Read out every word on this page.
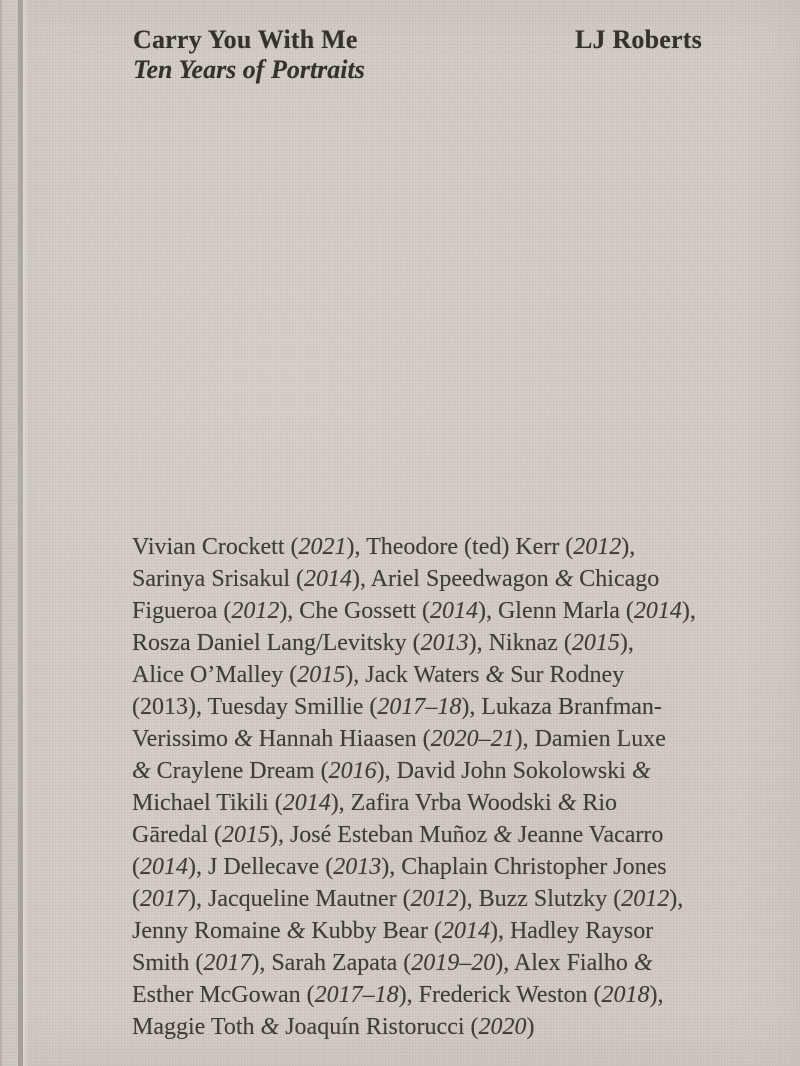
Carry You With Me
Ten Years of Portraits
LJ Roberts
Vivian Crockett (2021), Theodore (ted) Kerr (2012),
Sarinya Srisakul (2014), Ariel Speedwagon & Chicago
Figueroa (2012), Che Gossett (2014), Glenn Marla (2014),
Rosza Daniel Lang/Levitsky (2013), Niknaz (2015),
Alice O’Malley (2015), Jack Waters & Sur Rodney
(2013), Tuesday Smillie (2017–18), Lukaza Branfman-
Verissimo & Hannah Hiaasen (2020–21), Damien Luxe
& Craylene Dream (2016), David John Sokolowski &
Michael Tikili (2014), Zafira Vrba Woodski & Rio
Gāredal (2015), José Esteban Muñoz & Jeanne Vacarro
(2014), J Dellecave (2013), Chaplain Christopher Jones
(2017), Jacqueline Mautner (2012), Buzz Slutzky (2012),
Jenny Romaine & Kubby Bear (2014), Hadley Raysor
Smith (2017), Sarah Zapata (2019–20), Alex Fialho &
Esther McGowan (2017–18), Frederick Weston (2018),
Maggie Toth & Joaquín Ristorucci (2020)
